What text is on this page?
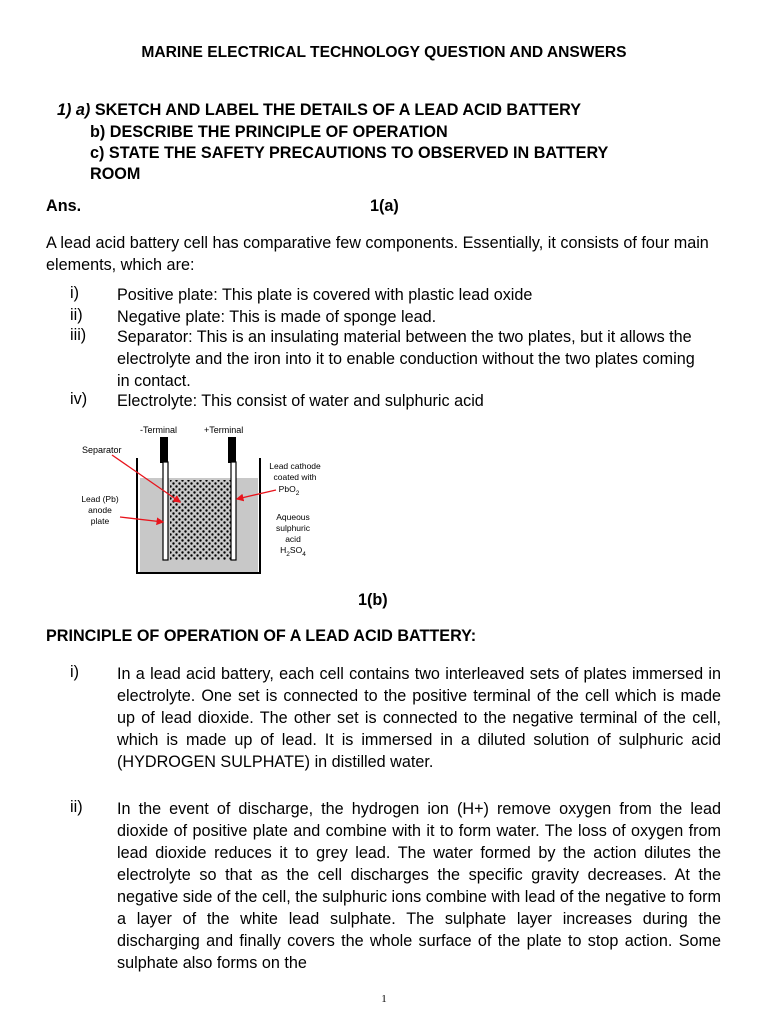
MARINE ELECTRICAL TECHNOLOGY QUESTION AND ANSWERS
1) a) SKETCH AND LABEL THE DETAILS OF A LEAD ACID BATTERY
b) DESCRIBE THE PRINCIPLE OF OPERATION
c) STATE THE SAFETY PRECAUTIONS TO OBSERVED IN BATTERY
ROOM
Ans.	1(a)
A lead acid battery cell has comparative few components. Essentially, it consists of four main elements, which are:
i) Positive plate: This plate is covered with plastic lead oxide
ii) Negative plate: This is made of sponge lead.
iii) Separator: This is an insulating material between the two plates, but it allows the electrolyte and the iron into it to enable conduction without the two plates coming in contact.
iv) Electrolyte: This consist of water and sulphuric acid
-Terminal	+Terminal
Separator
Lead (Pb)
anode
plate
Lead cathode
coated with
PbO$_2$
Aqueous
sulphuric
acid
$H_2SO_4$
1(b)
PRINCIPLE OF OPERATION OF A LEAD ACID BATTERY:
i) In a lead acid battery, each cell contains two interleaved sets of plates immersed in electrolyte. One set is connected to the positive terminal of the cell which is made up of lead dioxide. The other set is connected to the negative terminal of the cell, which is made up of lead. It is immersed in a diluted solution of sulphuric acid (HYDROGEN SULPHATE) in distilled water.
ii) In the event of discharge, the hydrogen ion (H+) remove oxygen from the lead dioxide of positive plate and combine with it to form water. The loss of oxygen from lead dioxide reduces it to grey lead. The water formed by the action dilutes the electrolyte so that as the cell discharges the specific gravity decreases. At the negative side of the cell, the sulphuric ions combine with lead of the negative to form a layer of the white lead sulphate. The sulphate layer increases during the discharging and finally covers the whole surface of the plate to stop action. Some sulphate also forms on the
1
